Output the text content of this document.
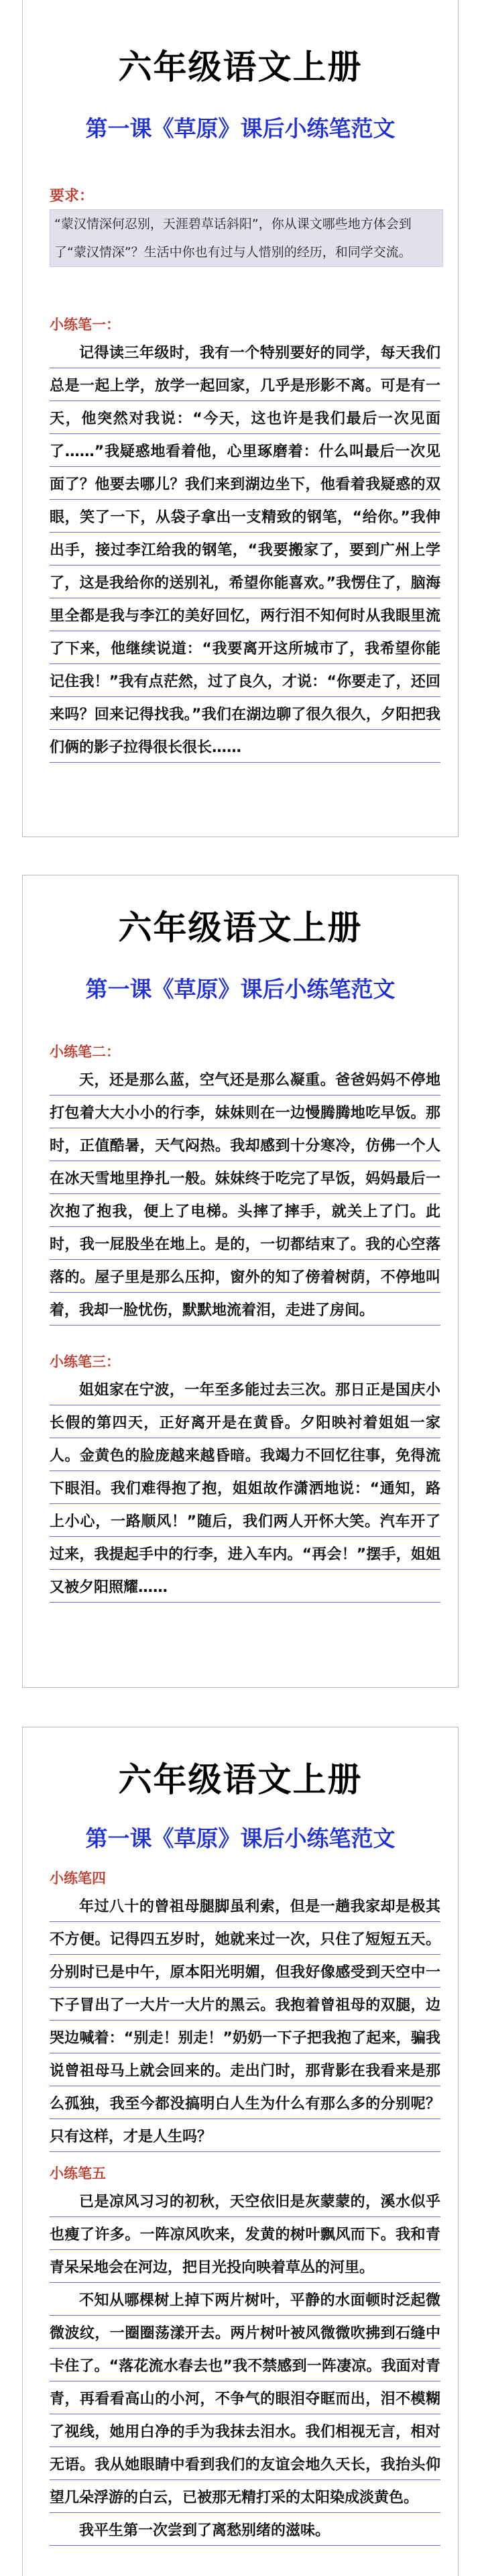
六年级语文上册
第一课《草原》课后小练笔范文
要求：
“蒙汉情深何忍别，天涯碧草话斜阳”，你从课文哪些地方体会到了“蒙汉情深”？生活中你也有过与人惜别的经历，和同学交流。
小练笔一：

记得读三年级时，我有一个特别要好的同学，每天我们总是一起上学，放学一起回家，几乎是形影不离。可是有一天，他突然对我说：“今天，这也许是我们最后一次见面了……”我疑惑地看着他，心里琢磨着：什么叫最后一次见面了？他要去哪儿？我们来到湖边坐下，他看着我疑惑的双眼，笑了一下，从袋子拿出一支精致的钢笔，“给你。”我伸出手，接过李江给我的钢笔，“我要搬家了，要到广州上学了，这是我给你的送别礼，希望你能喜欢。”我愣住了，脑海里全都是我与李江的美好回忆，两行泪不知何时从我眼里流了下来，他继续说道：“我要离开这所城市了，我希望你能记住我！”我有点茫然，过了良久，才说：“你要走了，还回来吗？回来记得找我。”我们在湖边聊了很久很久，夕阳把我们俩的影子拉得很长很长……

六年级语文上册
第一课《草原》课后小练笔范文
小练笔二：

天，还是那么蓝，空气还是那么凝重。爸爸妈妈不停地打包着大大小小的行李，妹妹则在一边慢腾腾地吃早饭。那时，正值酷暑，天气闷热。我却感到十分寒冷，仿佛一个人在冰天雪地里挣扎一般。妹妹终于吃完了早饭，妈妈最后一次抱了抱我，便上了电梯。头摔了摔手，就关上了门。此时，我一屁股坐在地上。是的，一切都结束了。我的心空落落的。屋子里是那么压抑，窗外的知了傍着树荫，不停地叫着，我却一脸忧伤，默默地流着泪，走进了房间。

小练笔三：

姐姐家在宁波，一年至多能过去三次。那日正是国庆小长假的第四天，正好离开是在黄昏。夕阳映衬着姐姐一家人。金黄色的脸庞越来越昏暗。我竭力不回忆往事，免得流下眼泪。我们难得抱了抱，姐姐故作潇洒地说：“通知，路上小心，一路顺风！”随后，我们两人开怀大笑。汽车开了过来，我提起手中的行李，进入车内。“再会！”摆手，姐姐又被夕阳照耀……

六年级语文上册
第一课《草原》课后小练笔范文
小练笔四

年过八十的曾祖母腿脚虽利索，但是一趟我家却是极其不方便。记得四五岁时，她就来过一次，只住了短短五天。分别时已是中午，原本阳光明媚，但我好像感受到天空中一下子冒出了一大片一大片的黑云。我抱着曾祖母的双腿，边哭边喊着：“别走！别走！”奶奶一下子把我抱了起来，骗我说曾祖母马上就会回来的。走出门时，那背影在我看来是那么孤独，我至今都没搞明白人生为什么有那么多的分别呢？只有这样，才是人生吗？

小练笔五

已是凉风习习的初秋，天空依旧是灰蒙蒙的，溪水似乎也瘦了许多。一阵凉风吹来，发黄的树叶飘风而下。我和青青呆呆地会在河边，把目光投向映着草丛的河里。

不知从哪棵树上掉下两片树叶，平静的水面顿时泛起微微波纹，一圈圈荡漾开去。两片树叶被风微微吹拂到石缝中卡住了。“落花流水春去也”我不禁感到一阵凄凉。我面对青青，再看看高山的小河，不争气的眼泪夺眶而出，泪不模糊了视线，她用白净的手为我抹去泪水。我们相视无言，相对无语。我从她眼睛中看到我们的友谊会地久天长，我抬头仰望几朵浮游的白云，已被那无精打采的太阳染成淡黄色。

我平生第一次尝到了离愁别绪的滋味。
